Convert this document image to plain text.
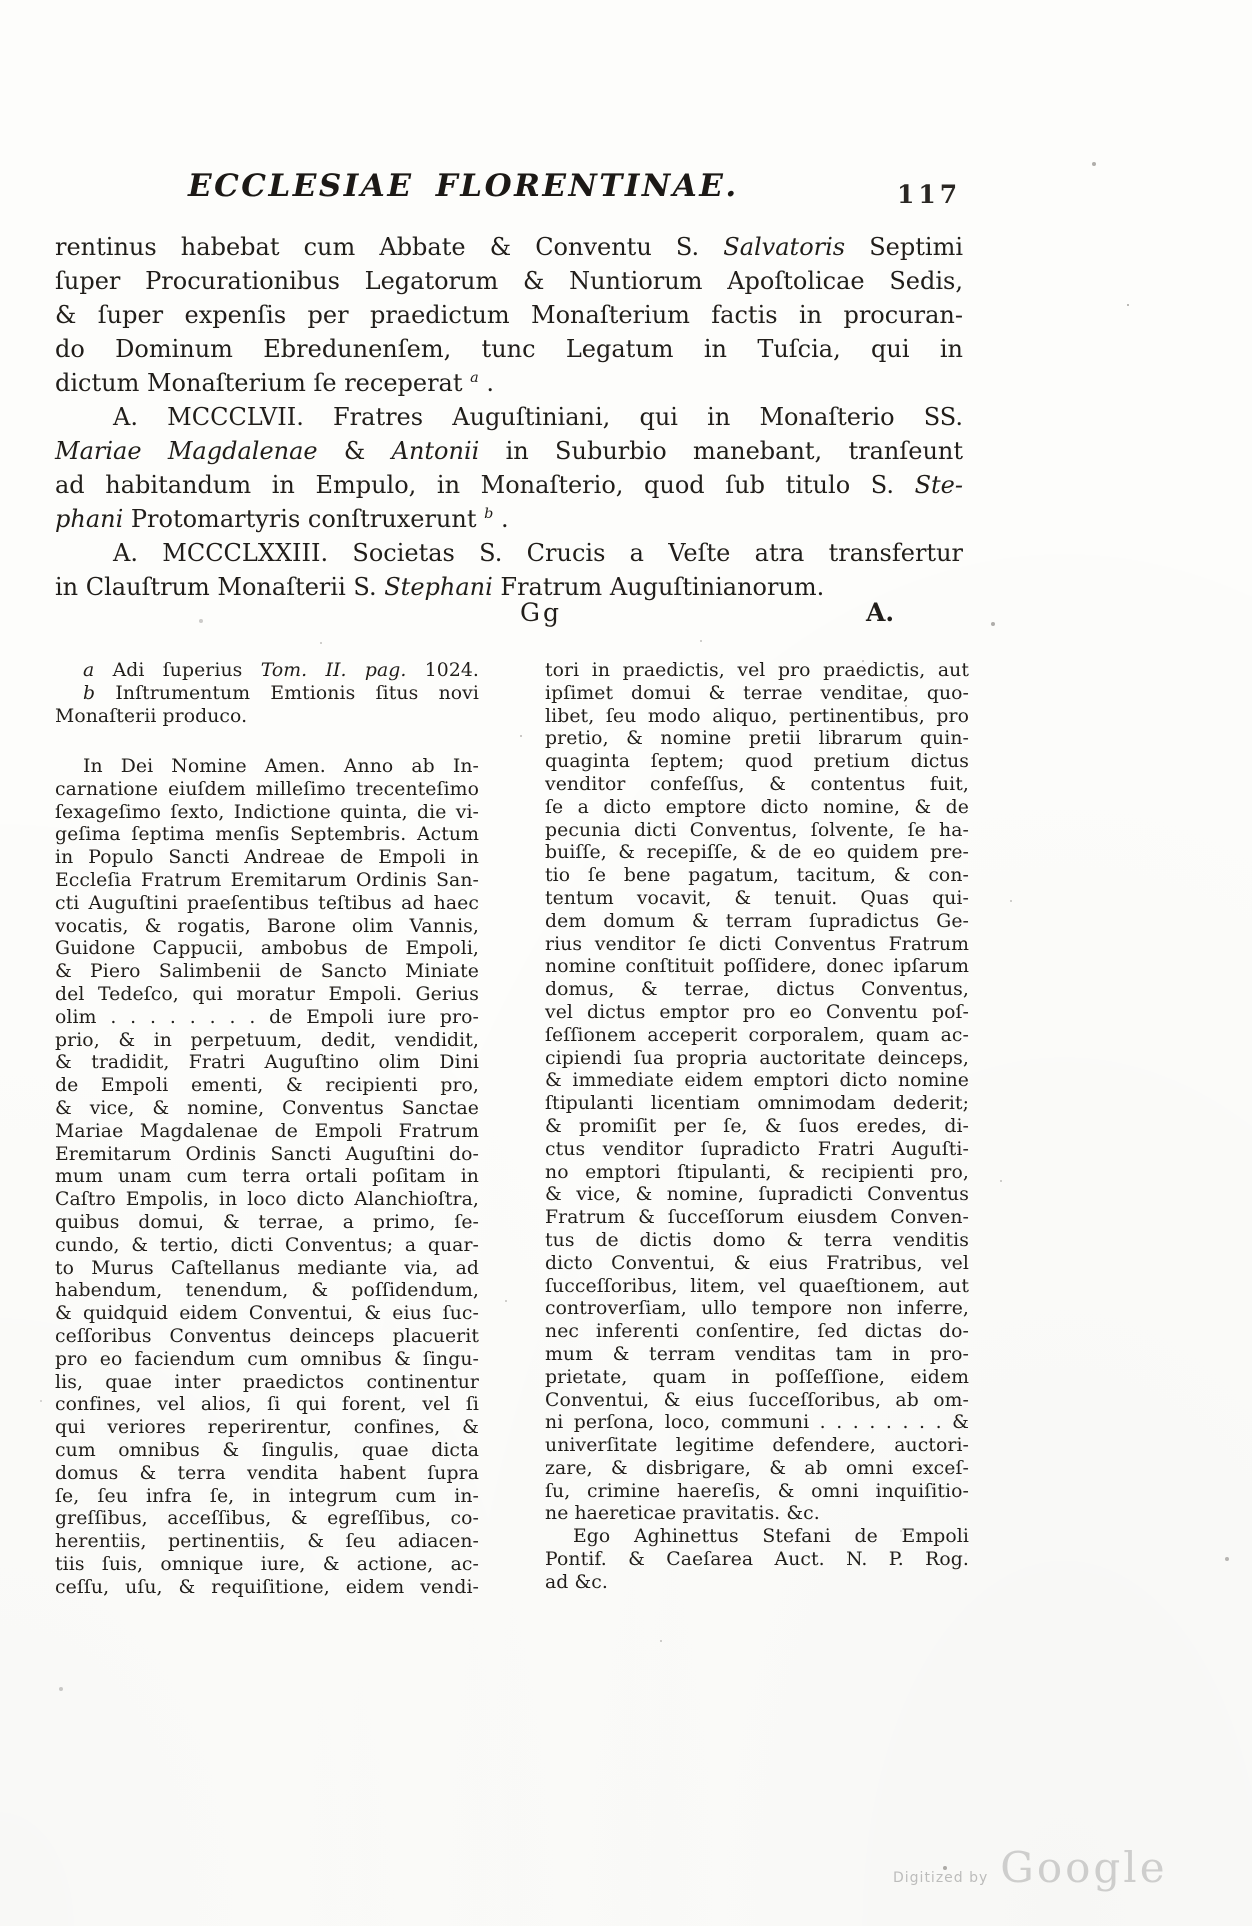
ECCLESIAE FLORENTINAE.	117
rentinus habebat cum Abbate & Conventu S. Salvatoris Septimi
ſuper Procurationibus Legatorum & Nuntiorum Apoſtolicae Sedis,
& ſuper expenſis per praedictum Monaſterium factis in procuran-
do Dominum Ebredunenſem, tunc Legatum in Tuſcia, qui in
dictum Monaſterium ſe receperat $^a$ .
A. MCCCLVII. Fratres Auguſtiniani, qui in Monaſterio SS.
Mariae Magdalenae & Antonii in Suburbio manebant, tranſeunt
ad habitandum in Empulo, in Monaſterio, quod ſub titulo S. Ste-
phani Protomartyris conſtruxerunt $^b$ .
A. MCCCLXXIII. Societas S. Crucis a Veſte atra transfertur
in Clauſtrum Monaſterii S. Stephani Fratrum Auguſtinianorum.
Gg	A.
a Adi ſuperius Tom. II. pag. 1024.
b Inſtrumentum Emtionis ſitus novi
Monaſterii produco.
In Dei Nomine Amen. Anno ab In-
carnatione eiuſdem milleſimo trecenteſimo
ſexageſimo ſexto, Indictione quinta, die vi-
geſima ſeptima menſis Septembris. Actum
in Populo Sancti Andreae de Empoli in
Eccleſia Fratrum Eremitarum Ordinis San-
cti Auguſtini praeſentibus teſtibus ad haec
vocatis, & rogatis, Barone olim Vannis,
Guidone Cappucii, ambobus de Empoli,
& Piero Salimbenii de Sancto Miniate
del Tedeſco, qui moratur Empoli. Gerius
olim . . . . . . . . de Empoli iure pro-
prio, & in perpetuum, dedit, vendidit,
& tradidit, Fratri Auguſtino olim Dini
de Empoli ementi, & recipienti pro,
& vice, & nomine, Conventus Sanctae
Mariae Magdalenae de Empoli Fratrum
Eremitarum Ordinis Sancti Auguſtini do-
mum unam cum terra ortali poſitam in
Caſtro Empolis, in loco dicto Alanchioſtra,
quibus domui, & terrae, a primo, ſe-
cundo, & tertio, dicti Conventus; a quar-
to Murus Caſtellanus mediante via, ad
habendum, tenendum, & poſſidendum,
& quidquid eidem Conventui, & eius ſuc-
ceſſoribus Conventus deinceps placuerit
pro eo faciendum cum omnibus & ſingu-
lis, quae inter praedictos continentur
confines, vel alios, ſi qui forent, vel ſi
qui veriores reperirentur, confines, &
cum omnibus & ſingulis, quae dicta
domus & terra vendita habent ſupra
ſe, ſeu infra ſe, in integrum cum in-
greſſibus, acceſſibus, & egreſſibus, co-
herentiis, pertinentiis, & ſeu adiacen-
tiis ſuis, omnique iure, & actione, ac-
ceſſu, uſu, & requiſitione, eidem vendi-
tori in praedictis, vel pro praedictis, aut
ipſimet domui & terrae venditae, quo-
libet, ſeu modo aliquo, pertinentibus, pro
pretio, & nomine pretii librarum quin-
quaginta ſeptem; quod pretium dictus
venditor confeſſus, & contentus fuit,
ſe a dicto emptore dicto nomine, & de
pecunia dicti Conventus, ſolvente, ſe ha-
buiſſe, & recepiſſe, & de eo quidem pre-
tio ſe bene pagatum, tacitum, & con-
tentum vocavit, & tenuit. Quas qui-
dem domum & terram ſupradictus Ge-
rius venditor ſe dicti Conventus Fratrum
nomine conſtituit poſſidere, donec ipſarum
domus, & terrae, dictus Conventus,
vel dictus emptor pro eo Conventu poſ-
ſeſſionem acceperit corporalem, quam ac-
cipiendi ſua propria auctoritate deinceps,
& immediate eidem emptori dicto nomine
ſtipulanti licentiam omnimodam dederit;
& promiſit per ſe, & ſuos eredes, di-
ctus venditor ſupradicto Fratri Auguſti-
no emptori ſtipulanti, & recipienti pro,
& vice, & nomine, ſupradicti Conventus
Fratrum & ſucceſſorum eiusdem Conven-
tus de dictis domo & terra venditis
dicto Conventui, & eius Fratribus, vel
ſucceſſoribus, litem, vel quaeſtionem, aut
controverſiam, ullo tempore non inferre,
nec inferenti conſentire, ſed dictas do-
mum & terram venditas tam in pro-
prietate, quam in poſſeſſione, eidem
Conventui, & eius ſucceſſoribus, ab om-
ni perſona, loco, communi . . . . . . . . &
univerſitate legitime defendere, auctori-
zare, & disbrigare, & ab omni exceſ-
ſu, crimine haereſis, & omni inquiſitio-
ne haereticae pravitatis. &c.
Ego Aghinettus Stefani de Empoli
Pontif. & Caeſarea Auct. N. P. Rog.
ad &c.
Digitized by Google
